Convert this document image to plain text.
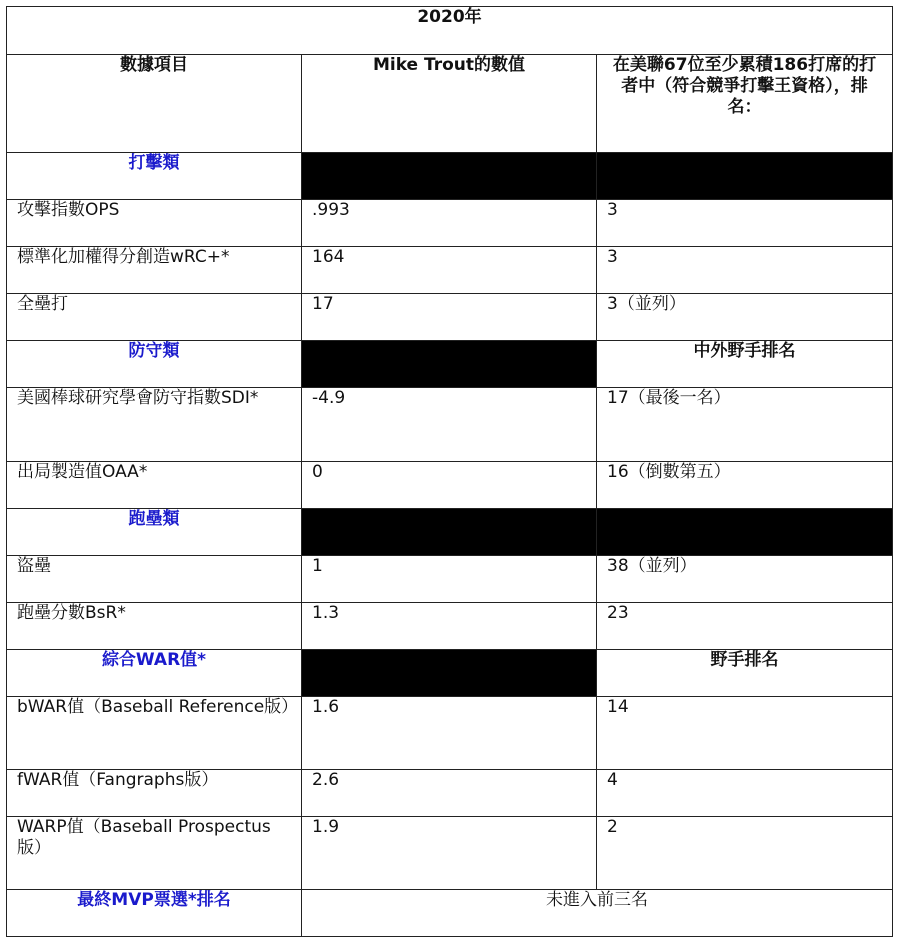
2020年		
數據項目	Mike Trout的數值	在美聯67位至少累積186打席的打者中（符合競爭打擊王資格），排名：
打擊類		
攻擊指數OPS	.993	3
標準化加權得分創造wRC+*	164	3
全壘打	17	3（並列）
防守類		中外野手排名
美國棒球研究學會防守指數SDI*	-4.9	17（最後一名）
出局製造值OAA*	0	16（倒數第五）
跑壘類		
盜壘	1	38（並列）
跑壘分數BsR*	1.3	23
綜合WAR值*		野手排名
bWAR值（Baseball Reference版）	1.6	14
fWAR值（Fangraphs版）	2.6	4
WARP值（Baseball Prospectus版）	1.9	2
最終MVP票選*排名	未進入前三名	
